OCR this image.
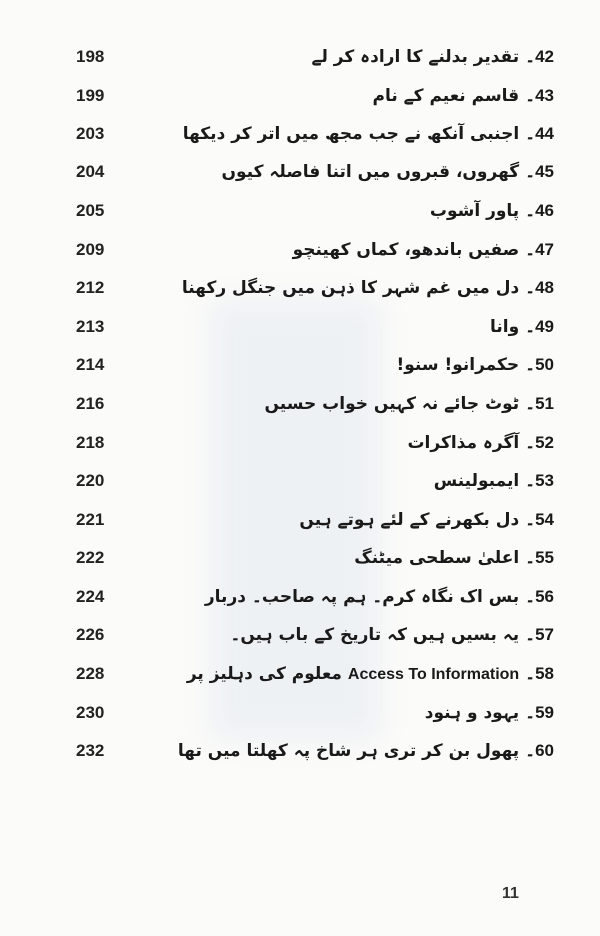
198	42۔ تقدیر بدلنے کا ارادہ کر لے
199	43۔ قاسم نعیم کے نام
203	44۔ اجنبی آنکھ نے جب مجھ میں اتر کر دیکھا
204	45۔ گھروں، قبروں میں اتنا فاصلہ کیوں
205	46۔ پاور آشوب
209	47۔ صفیں باندھو، کماں کھینچو
212	48۔ دل میں غم شہر کا ذہن میں جنگل رکھنا
213	49۔ وانا
214	50۔ حکمرانو! سنو!
216	51۔ ٹوٹ جائے نہ کہیں خواب حسیں
218	52۔ آگرہ مذاکرات
220	53۔ ایمبولینس
221	54۔ دل بکھرنے کے لئے ہوتے ہیں
222	55۔ اعلیٰ سطحی میٹنگ
224	56۔ بس اک نگاہ کرم۔ ہم پہ صاحب۔ دربار
226	57۔ یہ بسیں ہیں کہ تاریخ کے باب ہیں۔
228	58۔ Access To Information معلوم کی دہلیز پر
230	59۔ یہود و ہنود
232	60۔ پھول بن کر تری ہر شاخ پہ کھلتا میں تھا
11
